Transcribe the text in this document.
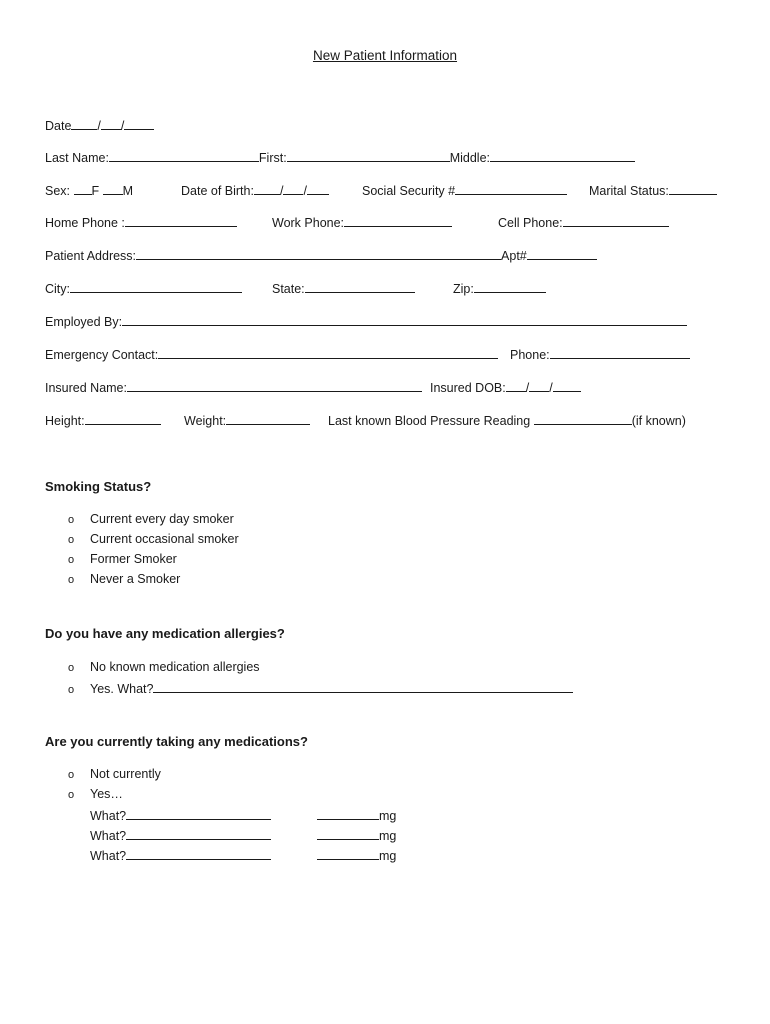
New Patient Information
Date / /
Last Name:	First:	Middle:
Sex: F M	Date of Birth: / /	Social Security #	Marital Status:
Home Phone :	Work Phone:	Cell Phone:
Patient Address:	Apt#
City:	State:	Zip:
Employed By:
Emergency Contact:	Phone:
Insured Name:	Insured DOB: / /
Height:	Weight:	Last known Blood Pressure Reading	(if known)
Smoking Status?
o Current every day smoker
o Current occasional smoker
o Former Smoker
o Never a Smoker
Do you have any medication allergies?
o No known medication allergies
o Yes. What?
Are you currently taking any medications?
o Not currently
o Yes…
What?	mg
What?	mg
What?	mg
